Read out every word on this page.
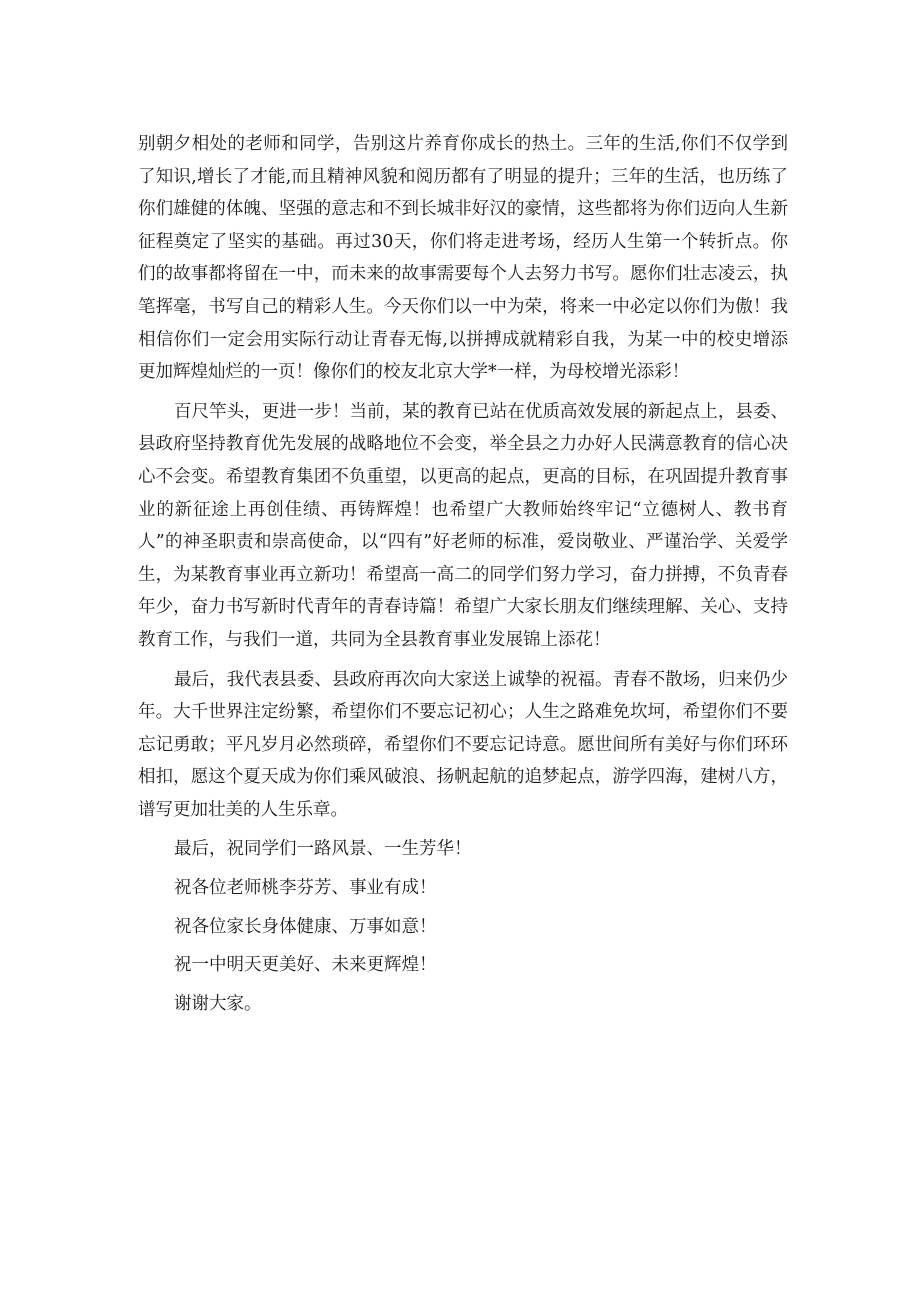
别朝夕相处的老师和同学，告别这片养育你成长的热土。三年的生活,你们不仅学到了知识,增长了才能,而且精神风貌和阅历都有了明显的提升；三年的生活，也历练了你们雄健的体魄、坚强的意志和不到长城非好汉的豪情，这些都将为你们迈向人生新征程奠定了坚实的基础。再过30天，你们将走进考场，经历人生第一个转折点。你们的故事都将留在一中，而未来的故事需要每个人去努力书写。愿你们壮志凌云，执笔挥毫，书写自己的精彩人生。今天你们以一中为荣，将来一中必定以你们为傲！我相信你们一定会用实际行动让青春无悔,以拼搏成就精彩自我，为某一中的校史增添更加辉煌灿烂的一页！像你们的校友北京大学*一样，为母校增光添彩！

百尺竿头，更进一步！当前，某的教育已站在优质高效发展的新起点上，县委、县政府坚持教育优先发展的战略地位不会变，举全县之力办好人民满意教育的信心决心不会变。希望教育集团不负重望，以更高的起点，更高的目标，在巩固提升教育事业的新征途上再创佳绩、再铸辉煌！也希望广大教师始终牢记“立德树人、教书育人”的神圣职责和崇高使命，以“四有”好老师的标准，爱岗敬业、严谨治学、关爱学生，为某教育事业再立新功！希望高一高二的同学们努力学习，奋力拼搏，不负青春年少，奋力书写新时代青年的青春诗篇！希望广大家长朋友们继续理解、关心、支持教育工作，与我们一道，共同为全县教育事业发展锦上添花！

最后，我代表县委、县政府再次向大家送上诚挚的祝福。青春不散场，归来仍少年。大千世界注定纷繁，希望你们不要忘记初心；人生之路难免坎坷，希望你们不要忘记勇敢；平凡岁月必然琐碎，希望你们不要忘记诗意。愿世间所有美好与你们环环相扣，愿这个夏天成为你们乘风破浪、扬帆起航的追梦起点，游学四海，建树八方，谱写更加壮美的人生乐章。

最后，祝同学们一路风景、一生芳华！

祝各位老师桃李芬芳、事业有成！

祝各位家长身体健康、万事如意！

祝一中明天更美好、未来更辉煌！

谢谢大家。
